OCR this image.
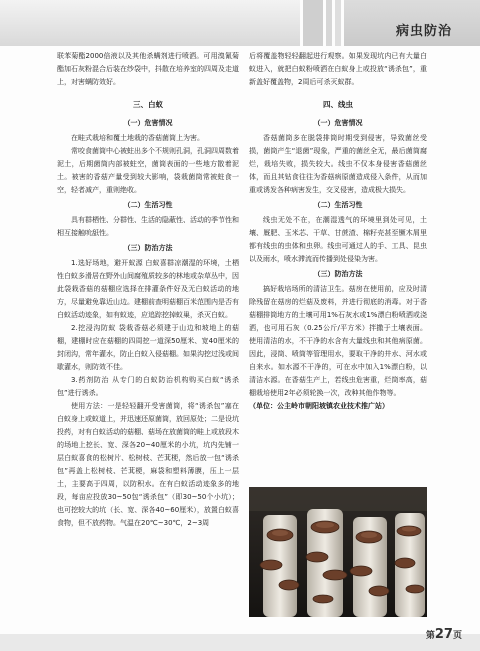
病虫防治

联苯菊酯2000倍液以及其他杀螨剂进行喷洒。可用溴氰菊酯加石灰粉混合后装在纱袋中，抖散在培养室的四周及走道上，对害螨防效好。

三、白蚁

（一）危害情况

在畦式栽培和覆土地栽的香菇菌筒上为害。

常咬食菌筒中心被蛀出多个不规则孔洞，孔洞四周数着泥土，后期菌筒内部被蛀空，菌筒表面的一些地方散着泥土。被害的香菇产量受到较大影响，袋栽菌筒常被蛀食一空，轻者减产，重则绝收。

（二）生活习性

具有群栖性、分群性、生活的隐蔽性、活动的季节性和相互接触吮舐性。

（三）防治方法

1.选好场地，避开蚁源 白蚁喜群凉潮湿的环境，土栖性白蚁多滑居在野外山间腐殖质较多的林地或杂草丛中，因此袋栽香菇的菇棚应选择在排灌条件好及无白蚁活动的地方，尽量避免靠近山边。建棚前查明菇棚百米范围内是否有白蚁活动迹象，如有蚁迹，应追踪挖掉蚁巢，杀灭白蚁。

2.挖浸沟防蚁 袋栽香菇必须建于山边和坡地上的菇棚，建棚时应在菇棚的四周挖一道深50厘米、宽40厘米的封闭沟，常年灌水，防止白蚁入侵菇棚。如果沟挖过浅或间歇灌水，则防效不佳。

3.药剂防治 从专门的白蚁防治机构购买白蚁“诱杀包”进行诱杀。

使用方法：一是轻轻翻开受害菌筒，将“诱杀包”塞在白蚁身上或蚁道上，并迅速还原菌筒，放回原处；二是设坑投药，对有白蚁活动的菇棚、菇场在放菌筒的畦上或放段木的场地上挖长、宽、深各20~40厘米的小坑，坑内先铺一层白蚁喜食的松树片、松树枝、芒萁梗，然后放一包“诱杀包”再盖上松树枝、芒萁梗，麻袋和塑料薄膜，压上一层土，主要高于四周，以防积水。在有白蚁活动迹象多的地段，每亩应投放30~50包“诱杀包”（即30~50个小坑）；也可挖较大的坑（长、宽、深各40~60厘米），放置白蚁喜食物，但不放药物。气温在20℃~30℃，2~3周

后将覆盖物轻轻翻起进行观察。如果发现坑内已有大量白蚁进入，就把白蚁粉喷洒在白蚁身上或投放“诱杀包”，重新盖好覆盖物，2周后可杀灭蚁群。

四、线虫

（一）危害情况

香菇菌筒多在脱袋排筒时期受到侵害，导致菌丝受损，菌筒产生“退菌”现象，严重的菌丝全无，最后菌筒腐烂，栽培失败，损失较大。线虫不仅本身侵害香菇菌丝体，而且其钻食往往为香菇病原菌造成侵入条件，从而加重或诱发各种病害发生，交叉侵害，造成极大损失。

（二）生活习性

线虫无处不在，在潮湿透气的环境里到处可见，土壤、厩肥、玉米芯、干草、甘蔗渣、棉籽壳甚至镢木屑里都有线虫的虫体和虫卵。线虫可通过人的手、工具、昆虫以及雨水，喷水滞流而传播到处侵染为害。

（三）防治方法

搞好栽培场所的清洁卫生。菇房在使用前，应及时清除残留在菇房的烂菇及废料，并进行彻底的消毒。对于香菇棚排筒地方的土壤可用1%石灰水或1%漂白粉喷洒或浇洒，也可用石灰（0.25公斤/平方米）拌撒于土壤表面。使用清洁的水，不干净的水含有大量线虫和其他病原菌。因此，浸筒、喷筒等管理用水，要取干净的井水、河水或自来水。如水源不干净的，可在水中加入1%漂白粉，以清洁水源。在香菇生产上，若线虫危害重，烂筒率高，菇棚栽培使用2年必须轮换一次，改种其他作物等。

（单位：公主岭市朝阳坡镇农业技术推广站）

第27页
